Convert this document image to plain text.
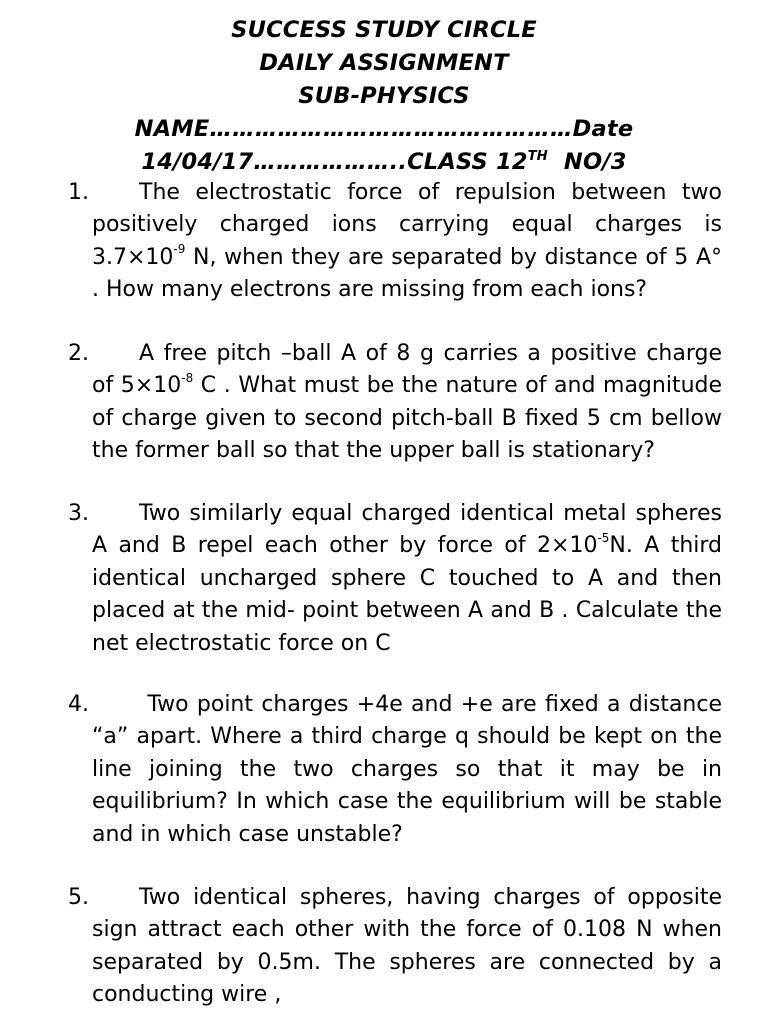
SUCCESS STUDY CIRCLE
DAILY ASSIGNMENT
SUB-PHYSICS
NAME…………………………………………Date
14/04/17………………..CLASS 12TH  NO/3
1. The electrostatic force of repulsion between two positively charged ions carrying equal charges is $3.7\times 10^{-9}$ N, when they are separated by distance of 5 A° . How many electrons are missing from each ions?
2. A free pitch –ball A of 8 g carries a positive charge of $5\times 10^{-8}$ C . What must be the nature of and magnitude of charge given to second pitch-ball B fixed 5 cm bellow the former ball so that the upper ball is stationary?
3. Two similarly equal charged identical metal spheres A and B repel each other by force of $2\times 10^{-5}N$. A third identical uncharged sphere C touched to A and then placed at the mid- point between A and B . Calculate the net electrostatic force on C
4. Two point charges +4e and +e are fixed a distance “a” apart. Where a third charge q should be kept on the line joining the two charges so that it may be in equilibrium? In which case the equilibrium will be stable and in which case unstable?
5. Two identical spheres, having charges of opposite sign attract each other with the force of 0.108 N when separated by 0.5m. The spheres are connected by a conducting wire ,
